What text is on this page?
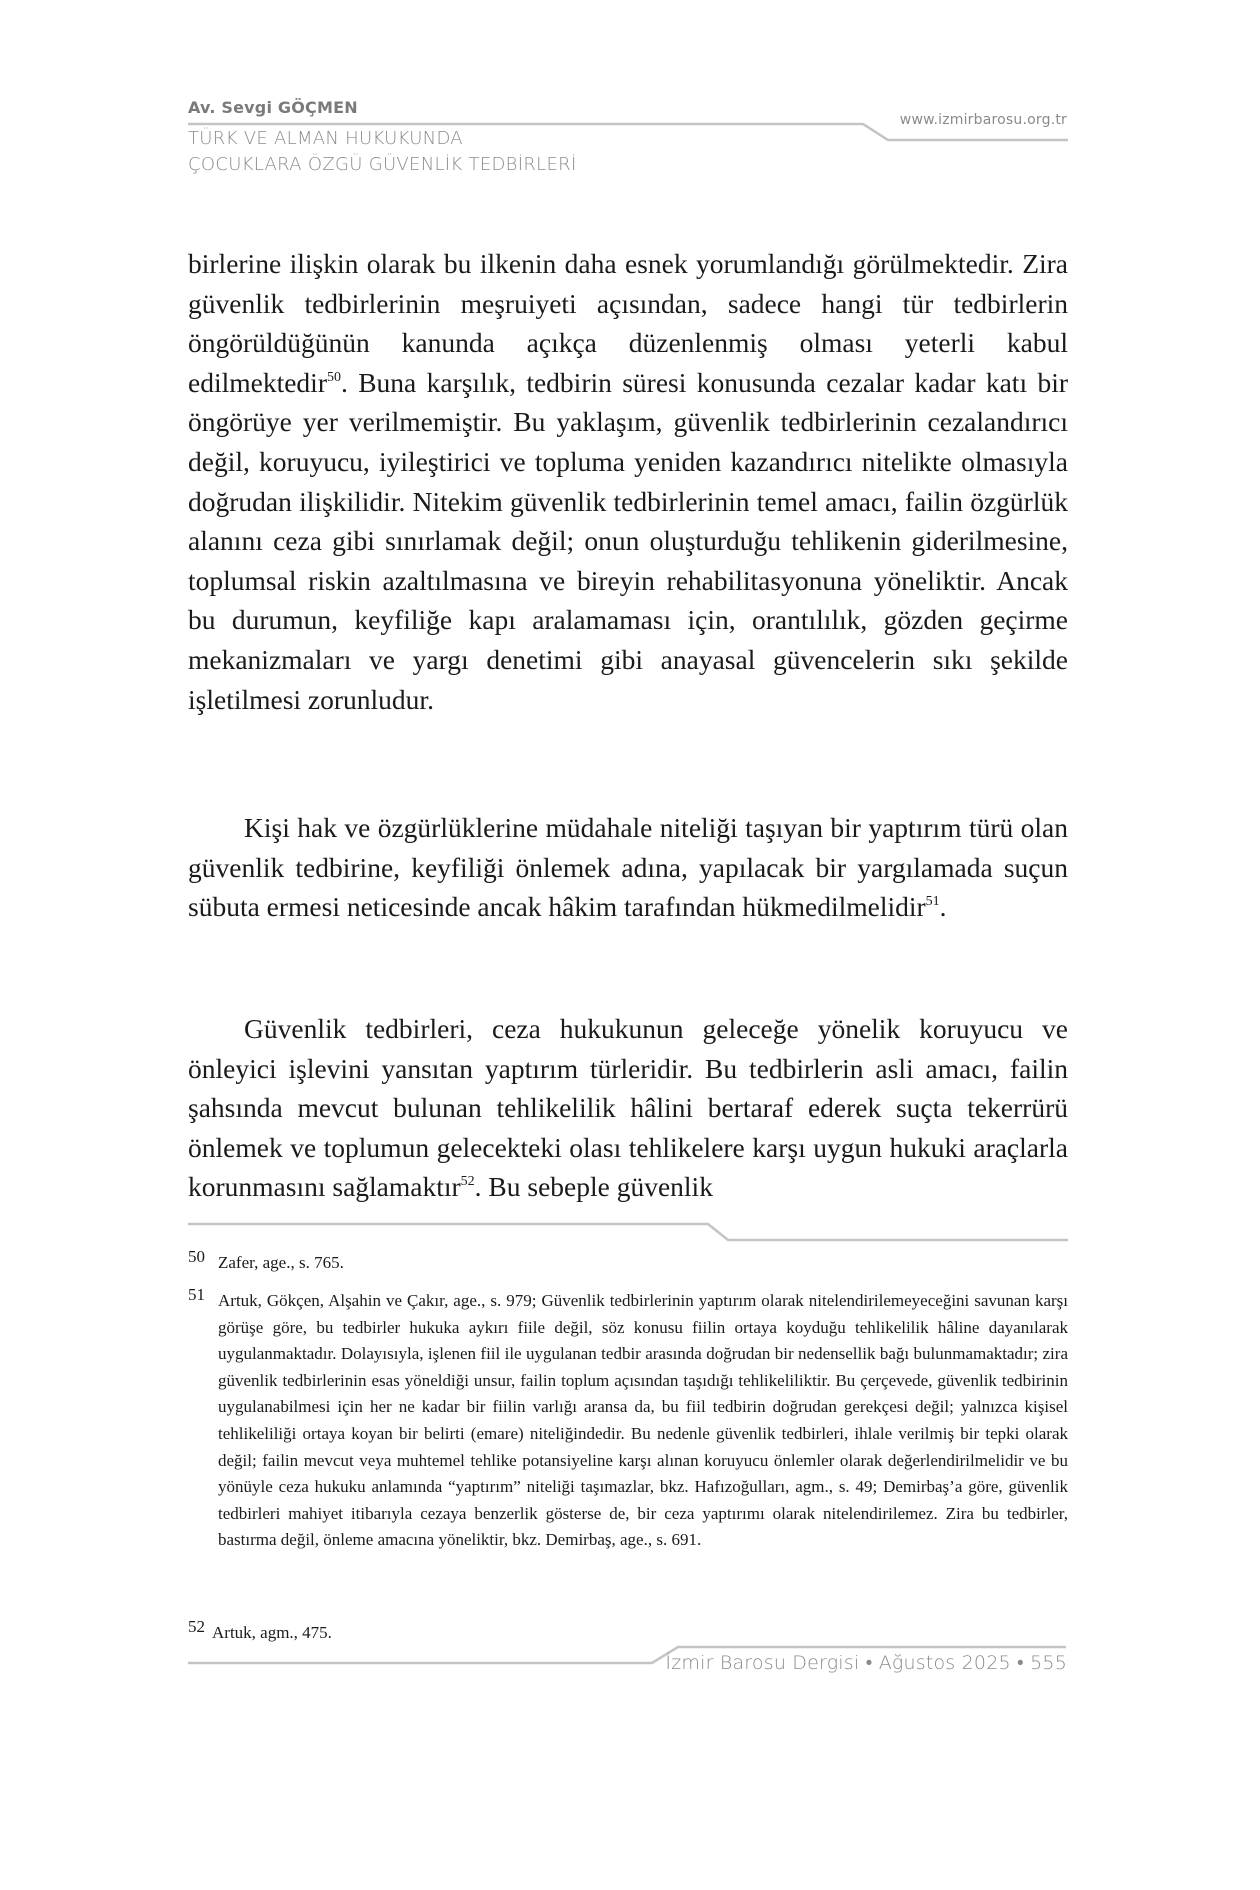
Av. Sevgi GÖÇMEN
TÜRK VE ALMAN HUKUKUNDA
ÇOCUKLARA ÖZGÜ GÜVENLİK TEDBİRLERİ
www.izmirbarosu.org.tr

birlerine ilişkin olarak bu ilkenin daha esnek yorumlandığı görülmektedir. Zira güvenlik tedbirlerinin meşruiyeti açısından, sadece hangi tür tedbirlerin öngörüldüğünün kanunda açıkça düzenlenmiş olması yeterli kabul edilmektedir$^{50}$. Buna karşılık, tedbirin süresi konusunda cezalar kadar katı bir öngörüye yer verilmemiştir. Bu yaklaşım, güvenlik tedbirlerinin cezalandırıcı değil, koruyucu, iyileştirici ve topluma yeniden kazandırıcı nitelikte olmasıyla doğrudan ilişkilidir. Nitekim güvenlik tedbirlerinin temel amacı, failin özgürlük alanını ceza gibi sınırlamak değil; onun oluşturduğu tehlikenin giderilmesine, toplumsal riskin azaltılmasına ve bireyin rehabilitasyonuna yöneliktir. Ancak bu durumun, keyfiliğe kapı aralamaması için, orantılılık, gözden geçirme mekanizmaları ve yargı denetimi gibi anayasal güvencelerin sıkı şekilde işletilmesi zorunludur.

Kişi hak ve özgürlüklerine müdahale niteliği taşıyan bir yaptırım türü olan güvenlik tedbirine, keyfiliği önlemek adına, yapılacak bir yargılamada suçun sübuta ermesi neticesinde ancak hâkim tarafından hükmedilmelidir$^{51}$.

Güvenlik tedbirleri, ceza hukukunun geleceğe yönelik koruyucu ve önleyici işlevini yansıtan yaptırım türleridir. Bu tedbirlerin asli amacı, failin şahsında mevcut bulunan tehlikelilik hâlini bertaraf ederek suçta tekerrürü önlemek ve toplumun gelecekteki olası tehlikelere karşı uygun hukuki araçlarla korunmasını sağlamaktır$^{52}$. Bu sebeple güvenlik

50 Zafer, age., s. 765.
51 Artuk, Gökçen, Alşahin ve Çakır, age., s. 979; Güvenlik tedbirlerinin yaptırım olarak nitelendirilemeyeceğini savunan karşı görüşe göre, bu tedbirler hukuka aykırı fiile değil, söz konusu fiilin ortaya koyduğu tehlikelilik hâline dayanılarak uygulanmaktadır. Dolayısıyla, işlenen fiil ile uygulanan tedbir arasında doğrudan bir nedensellik bağı bulunmamaktadır; zira güvenlik tedbirlerinin esas yöneldiği unsur, failin toplum açısından taşıdığı tehlikeliliktir. Bu çerçevede, güvenlik tedbirinin uygulanabilmesi için her ne kadar bir fiilin varlığı aransa da, bu fiil tedbirin doğrudan gerekçesi değil; yalnızca kişisel tehlikeliliği ortaya koyan bir belirti (emare) niteliğindedir. Bu nedenle güvenlik tedbirleri, ihlale verilmiş bir tepki olarak değil; failin mevcut veya muhtemel tehlike potansiyeline karşı alınan koruyucu önlemler olarak değerlendirilmelidir ve bu yönüyle ceza hukuku anlamında “yaptırım” niteliği taşımazlar, bkz. Hafızoğulları, agm., s. 49; Demirbaş’a göre, güvenlik tedbirleri mahiyet itibarıyla cezaya benzerlik gösterse de, bir ceza yaptırımı olarak nitelendirilemez. Zira bu tedbirler, bastırma değil, önleme amacına yöneliktir, bkz. Demirbaş, age., s. 691.
52 Artuk, agm., 475.
İzmir Barosu Dergisi • Ağustos 2025 • 555
